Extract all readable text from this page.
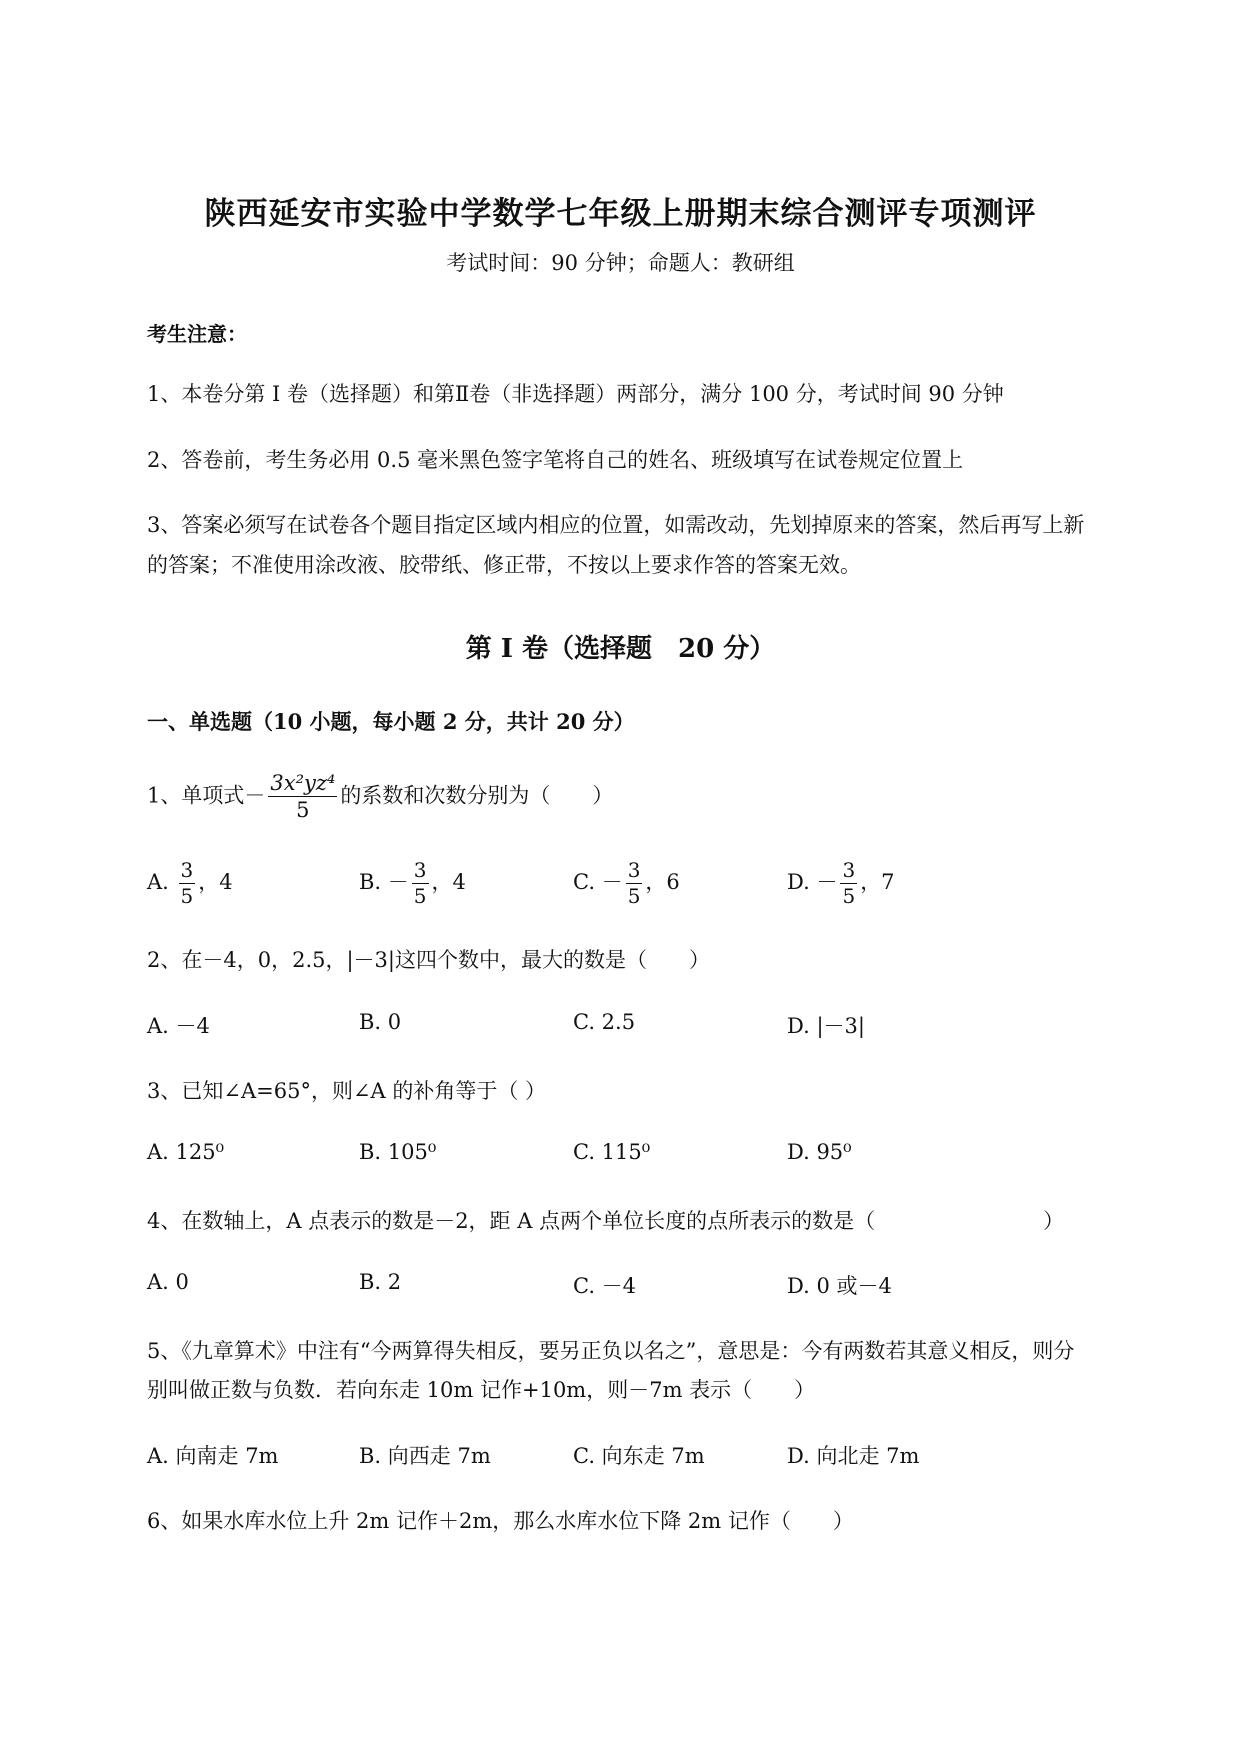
陕西延安市实验中学数学七年级上册期末综合测评专项测评
考试时间：90 分钟；命题人：教研组
考生注意：
1、本卷分第 I 卷（选择题）和第Ⅱ卷（非选择题）两部分，满分 100 分，考试时间 90 分钟
2、答卷前，考生务必用 0.5 毫米黑色签字笔将自己的姓名、班级填写在试卷规定位置上
3、答案必须写在试卷各个题目指定区域内相应的位置，如需改动，先划掉原来的答案，然后再写上新
的答案；不准使用涂改液、胶带纸、修正带，不按以上要求作答的答案无效。
第 I 卷（选择题　20 分）
一、单选题（10 小题，每小题 2 分，共计 20 分）
1、单项式－ $\frac{\text{3x²yz⁴}}{5}$ 的系数和次数分别为（　　）
A. $\frac{3}{5}$ ，4	B. － $\frac{3}{5}$ ，4	C. － $\frac{3}{5}$ ，6	D. － $\frac{3}{5}$ ，7
2、在－4，0，2.5，|－3|这四个数中，最大的数是（　　）
A. －4	B. 0	C. 2.5	D. |－3|
3、已知∠A=65°，则∠A 的补角等于（ ）
A. 125⁰	B. 105⁰	C. 115⁰	D. 95⁰
4、在数轴上，A 点表示的数是－2，距 A 点两个单位长度的点所表示的数是（　　　　　　　　）
A. 0	B. 2	C. －4	D. 0 或－4
5、《九章算术》中注有“今两算得失相反，要另正负以名之”，意思是：今有两数若其意义相反，则分
别叫做正数与负数．若向东走 10m 记作+10m，则－7m 表示（　　）
A. 向南走 7m	B. 向西走 7m	C. 向东走 7m	D. 向北走 7m
6、如果水库水位上升 2m 记作＋2m，那么水库水位下降 2m 记作（　　）
